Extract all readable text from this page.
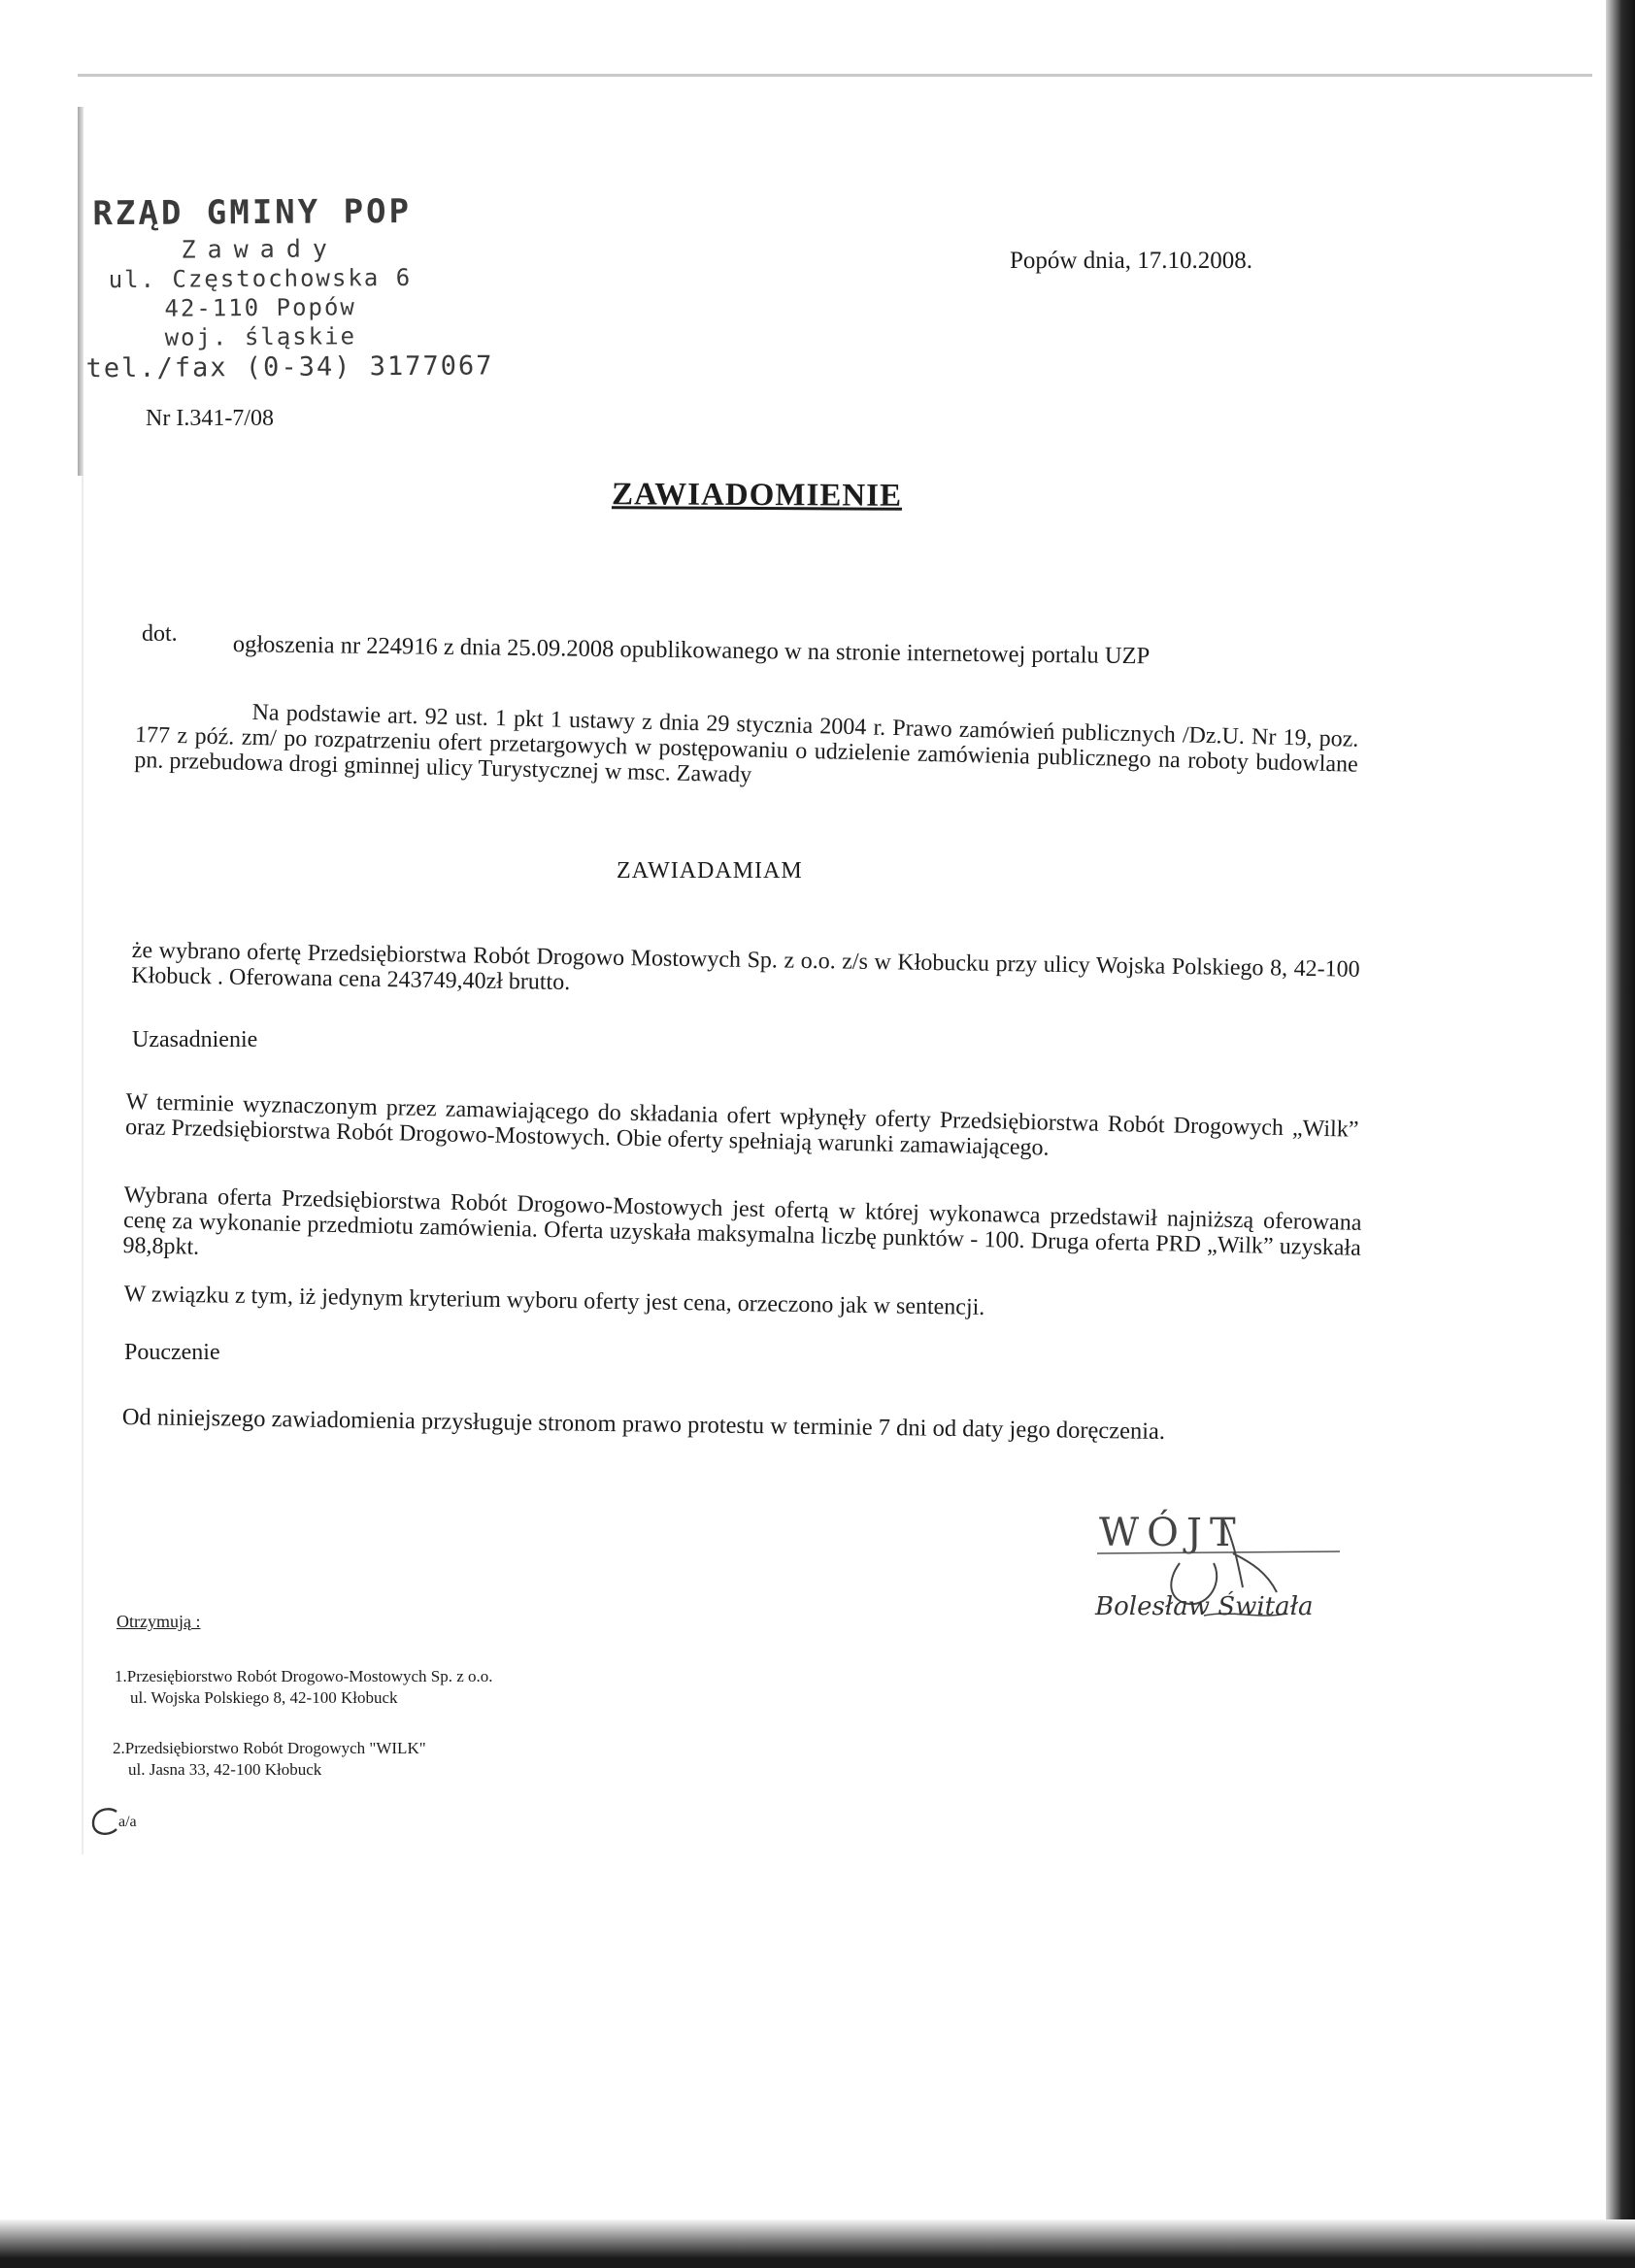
RZĄD GMINY POP
Zawady
ul. Częstochowska 6
42-110 Popów
woj. śląskie
tel./fax (0-34) 3177067
Popów dnia, 17.10.2008.
Nr I.341-7/08
ZAWIADOMIENIE
dot. ogłoszenia nr 224916 z dnia 25.09.2008 opublikowanego w na stronie internetowej portalu UZP
Na podstawie art. 92 ust. 1 pkt 1 ustawy z dnia 29 stycznia 2004 r. Prawo zamówień publicznych /Dz.U. Nr 19, poz. 177 z póź. zm/ po rozpatrzeniu ofert przetargowych w postępowaniu o udzielenie zamówienia publicznego na roboty budowlane pn. przebudowa drogi gminnej ulicy Turystycznej w msc. Zawady
ZAWIADAMIAM
że wybrano ofertę Przedsiębiorstwa Robót Drogowo Mostowych Sp. z o.o. z/s w Kłobucku przy ulicy Wojska Polskiego 8, 42-100 Kłobuck . Oferowana cena 243749,40zł brutto.
Uzasadnienie
W terminie wyznaczonym przez zamawiającego do składania ofert wpłynęły oferty Przedsiębiorstwa Robót Drogowych „Wilk” oraz Przedsiębiorstwa Robót Drogowo-Mostowych. Obie oferty spełniają warunki zamawiającego.
Wybrana oferta Przedsiębiorstwa Robót Drogowo-Mostowych jest ofertą w której wykonawca przedstawił najniższą oferowana cenę za wykonanie przedmiotu zamówienia. Oferta uzyskała maksymalna liczbę punktów - 100. Druga oferta PRD „Wilk” uzyskała 98,8pkt.
W związku z tym, iż jedynym kryterium wyboru oferty jest cena, orzeczono jak w sentencji.
Pouczenie
Od niniejszego zawiadomienia przysługuje stronom prawo protestu w terminie 7 dni od daty jego doręczenia.
WÓJT
Bolesław Świtała
Otrzymują :
1.Przesiębiorstwo Robót Drogowo-Mostowych Sp. z o.o.
ul. Wojska Polskiego 8, 42-100 Kłobuck
2.Przedsiębiorstwo Robót Drogowych "WILK"
ul. Jasna 33, 42-100 Kłobuck
a/a
